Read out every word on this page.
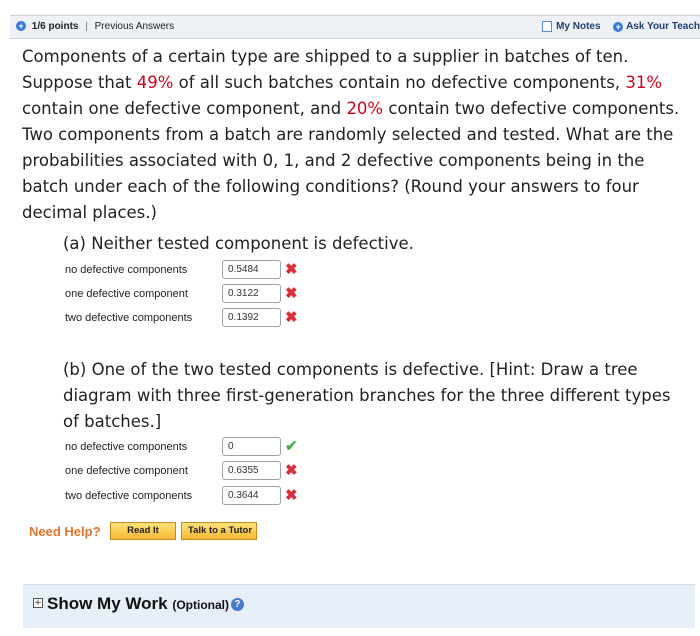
+ 1/6 points | Previous Answers	My Notes + Ask Your Teach
Components of a certain type are shipped to a supplier in batches of ten. Suppose that 49% of all such batches contain no defective components, 31% contain one defective component, and 20% contain two defective components. Two components from a batch are randomly selected and tested. What are the probabilities associated with 0, 1, and 2 defective components being in the batch under each of the following conditions? (Round your answers to four decimal places.)
(a) Neither tested component is defective.
no defective components	0.5484	✖
one defective component	0.3122	✖
two defective components	0.1392	✖
(b) One of the two tested components is defective. [Hint: Draw a tree diagram with three first-generation branches for the three different types of batches.]
no defective components	0	✔
one defective component	0.6355	✖
two defective components	0.3644	✖
Need Help?	Read It	Talk to a Tutor
+ Show My Work (Optional) ?
